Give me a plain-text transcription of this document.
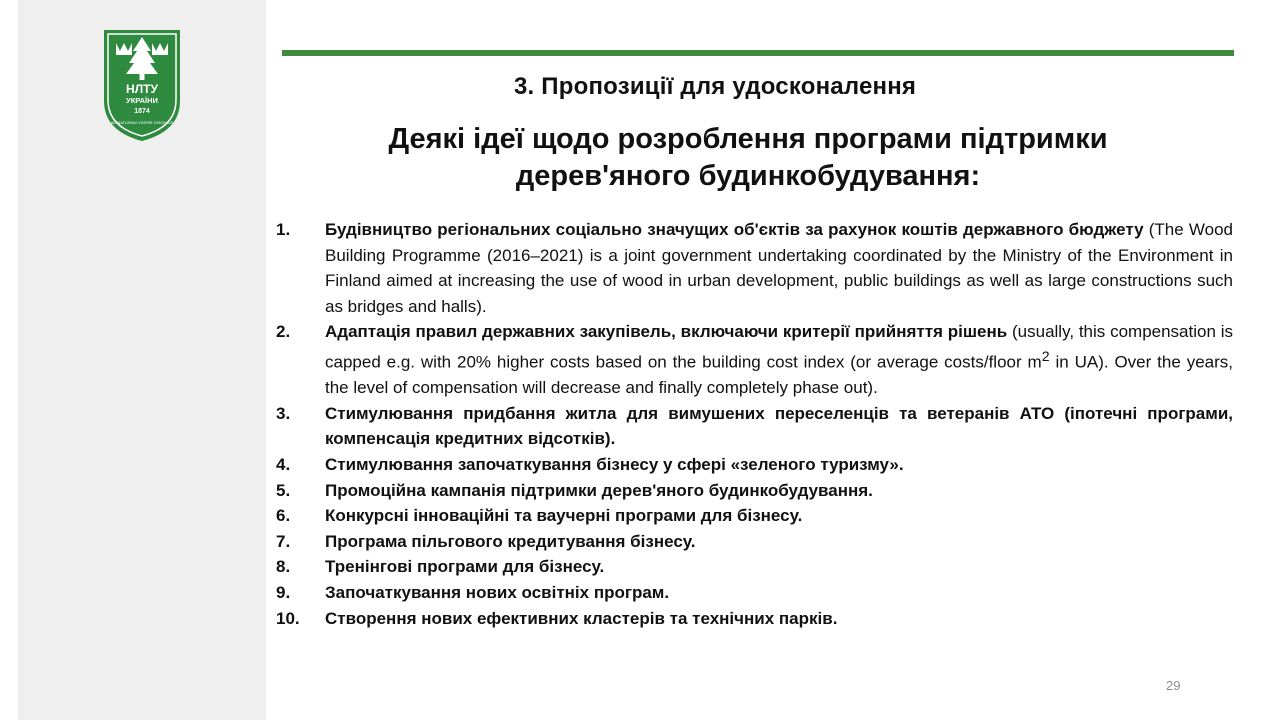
НЛТУ
УКРАЇНИ
1874
AD NATURAM VIVERE DISCIMUS
3. Пропозиції для удосконалення
Деякі ідеї щодо розроблення програми підтримки дерев'яного будинкобудування:
1.	Будівництво регіональних соціально значущих об'єктів за рахунок коштів державного бюджету (The Wood Building Programme (2016–2021) is a joint government undertaking coordinated by the Ministry of the Environment in Finland aimed at increasing the use of wood in urban development, public buildings as well as large constructions such as bridges and halls).
2.	Адаптація правил державних закупівель, включаючи критерії прийняття рішень (usually, this compensation is capped e.g. with 20% higher costs based on the building cost index (or average costs/floor $m^2$ in UA). Over the years, the level of compensation will decrease and finally completely phase out).
3.	Стимулювання придбання житла для вимушених переселенців та ветеранів АТО (іпотечні програми, компенсація кредитних відсотків).
4.	Стимулювання започаткування бізнесу у сфері «зеленого туризму».
5.	Промоційна кампанія підтримки дерев'яного будинкобудування.
6.	Конкурсні інноваційні та ваучерні програми для бізнесу.
7.	Програма пільгового кредитування бізнесу.
8.	Тренінгові програми для бізнесу.
9.	Започаткування нових освітніх програм.
10.	Створення нових ефективних кластерів та технічних парків.
29
